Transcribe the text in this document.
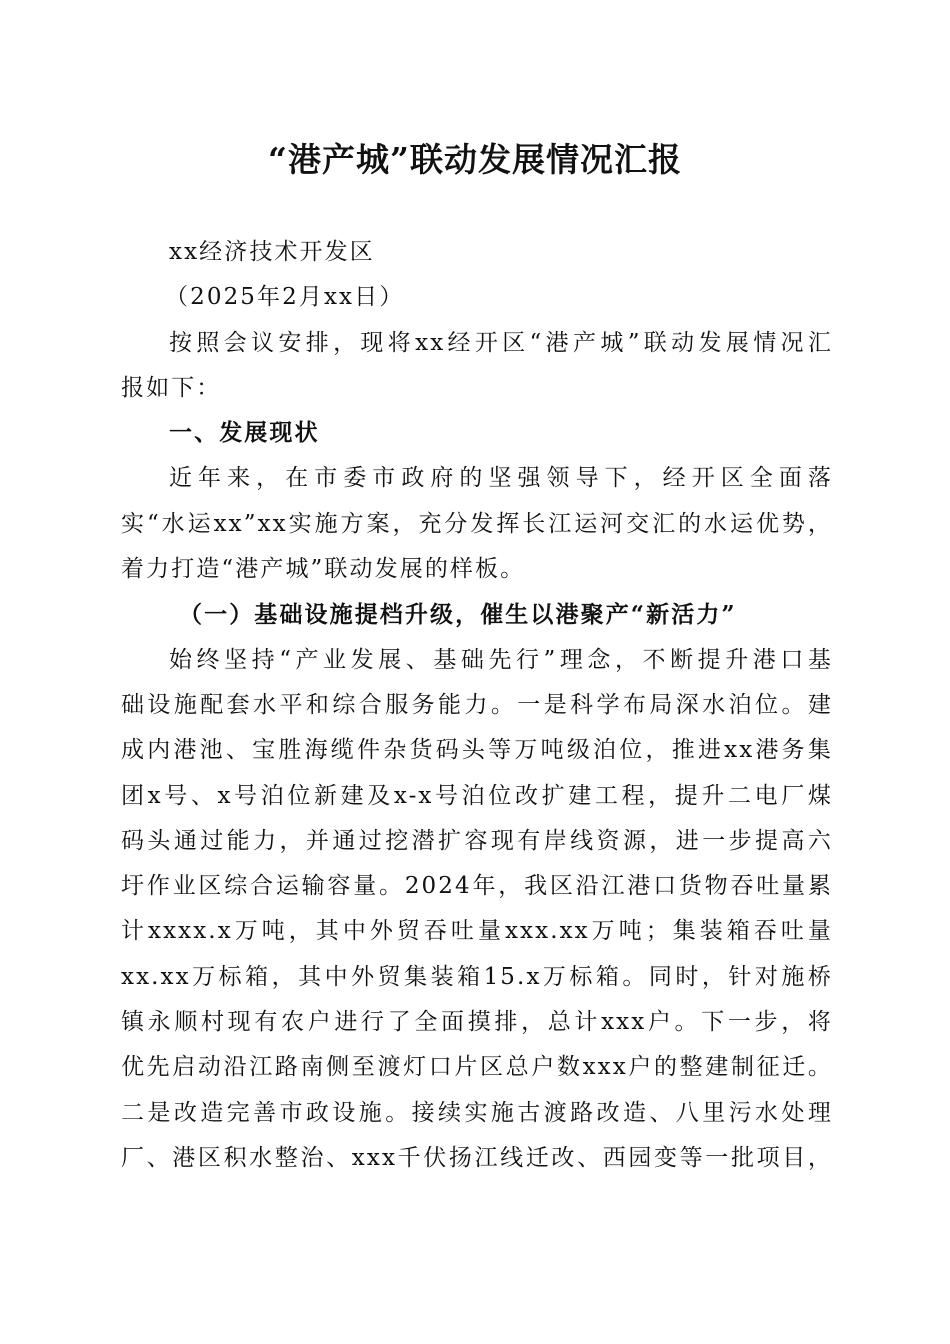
“港产城”联动发展情况汇报

xx经济技术开发区

（2025年2月xx日）

按照会议安排，现将xx经开区“港产城”联动发展情况汇

报如下：

一、发展现状

近年来，在市委市政府的坚强领导下，经开区全面落

实“水运xx”xx实施方案，充分发挥长江运河交汇的水运优势，

着力打造“港产城”联动发展的样板。

（一）基础设施提档升级，催生以港聚产“新活力”

始终坚持“产业发展、基础先行”理念，不断提升港口基

础设施配套水平和综合服务能力。一是科学布局深水泊位。建

成内港池、宝胜海缆件杂货码头等万吨级泊位，推进xx港务集

团x号、x号泊位新建及x-x号泊位改扩建工程，提升二电厂煤

码头通过能力，并通过挖潜扩容现有岸线资源，进一步提高六

圩作业区综合运输容量。2024年，我区沿江港口货物吞吐量累

计xxxx.x万吨，其中外贸吞吐量xxx.xx万吨；集装箱吞吐量

xx.xx万标箱，其中外贸集装箱15.x万标箱。同时，针对施桥

镇永顺村现有农户进行了全面摸排，总计xxx户。下一步，将

优先启动沿江路南侧至渡灯口片区总户数xxx户的整建制征迁。

二是改造完善市政设施。接续实施古渡路改造、八里污水处理

厂、港区积水整治、xxx千伏扬江线迁改、西园变等一批项目，
